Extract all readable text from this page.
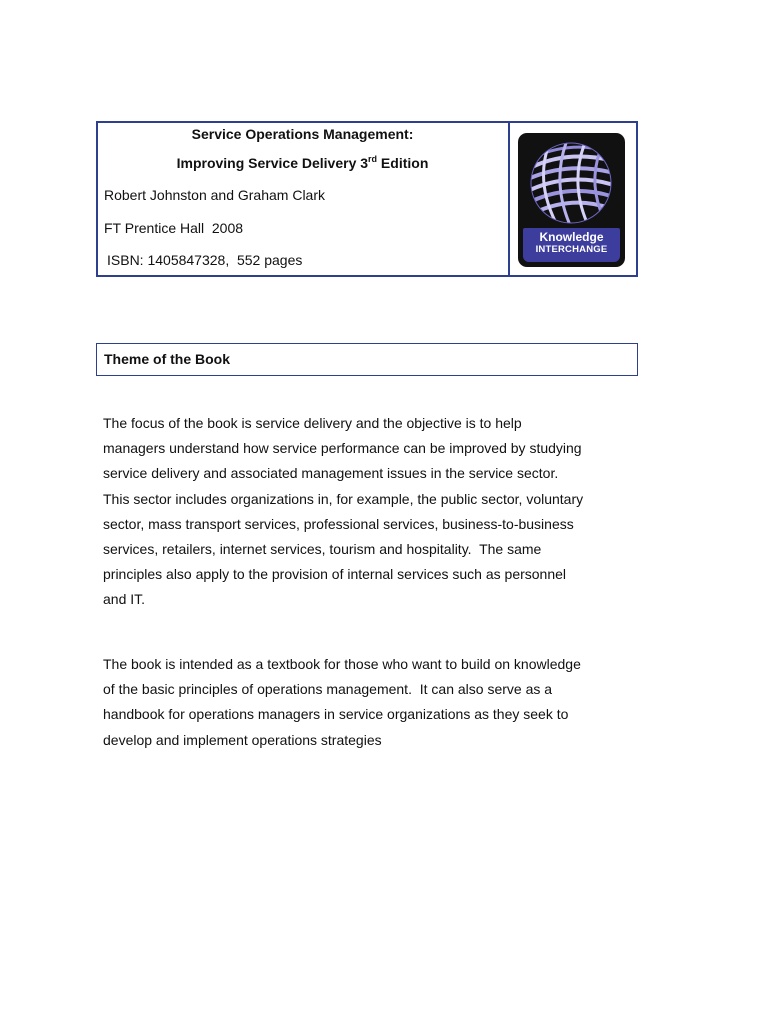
Service Operations Management:

Improving Service Delivery 3rd Edition

Robert Johnston and Graham Clark

FT Prentice Hall  2008

ISBN: 1405847328,  552 pages

Knowledge
INTERCHANGE

Theme of the Book

The focus of the book is service delivery and the objective is to help
managers understand how service performance can be improved by studying
service delivery and associated management issues in the service sector.
This sector includes organizations in, for example, the public sector, voluntary
sector, mass transport services, professional services, business-to-business
services, retailers, internet services, tourism and hospitality.  The same
principles also apply to the provision of internal services such as personnel
and IT.

The book is intended as a textbook for those who want to build on knowledge
of the basic principles of operations management.  It can also serve as a
handbook for operations managers in service organizations as they seek to
develop and implement operations strategies
